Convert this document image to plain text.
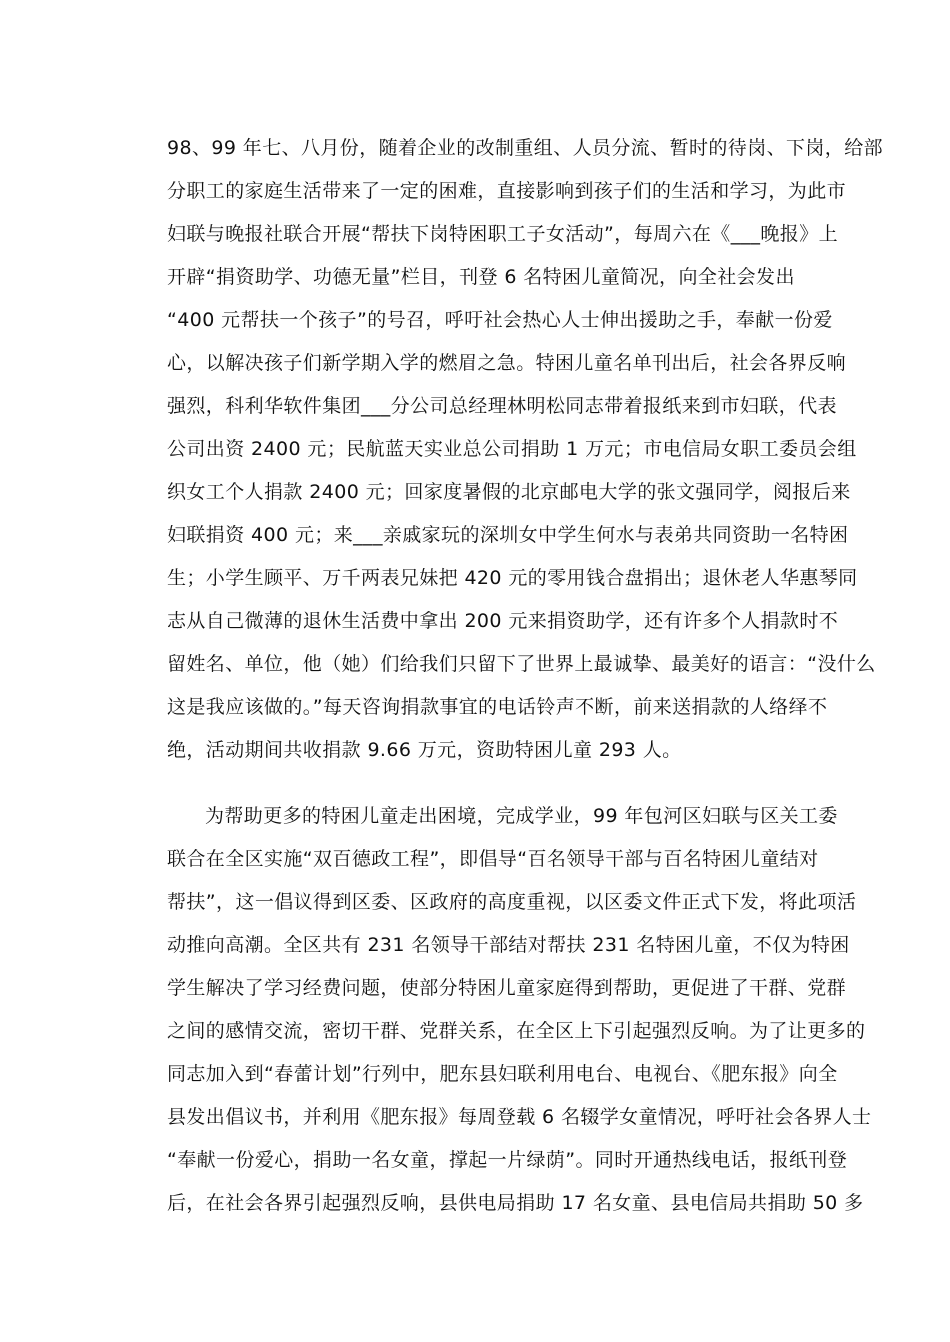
98、99 年七、八月份，随着企业的改制重组、人员分流、暂时的待岗、下岗，给部
分职工的家庭生活带来了一定的困难，直接影响到孩子们的生活和学习，为此市
妇联与晚报社联合开展“帮扶下岗特困职工子女活动”，每周六在《___晚报》上
开辟“捐资助学、功德无量”栏目，刊登 6 名特困儿童简况，向全社会发出
“400 元帮扶一个孩子”的号召，呼吁社会热心人士伸出援助之手，奉献一份爱
心，以解决孩子们新学期入学的燃眉之急。特困儿童名单刊出后，社会各界反响
强烈，科利华软件集团___分公司总经理林明松同志带着报纸来到市妇联，代表
公司出资 2400 元；民航蓝天实业总公司捐助 1 万元；市电信局女职工委员会组
织女工个人捐款 2400 元；回家度暑假的北京邮电大学的张文强同学，阅报后来
妇联捐资 400 元；来___亲戚家玩的深圳女中学生何水与表弟共同资助一名特困
生；小学生顾平、万千两表兄妹把 420 元的零用钱合盘捐出；退休老人华惠琴同
志从自己微薄的退休生活费中拿出 200 元来捐资助学，还有许多个人捐款时不
留姓名、单位，他（她）们给我们只留下了世界上最诚挚、最美好的语言：“没什么
这是我应该做的。”每天咨询捐款事宜的电话铃声不断，前来送捐款的人络绎不
绝，活动期间共收捐款 9.66 万元，资助特困儿童 293 人。
为帮助更多的特困儿童走出困境，完成学业，99 年包河区妇联与区关工委
联合在全区实施“双百德政工程”，即倡导“百名领导干部与百名特困儿童结对
帮扶”，这一倡议得到区委、区政府的高度重视，以区委文件正式下发，将此项活
动推向高潮。全区共有 231 名领导干部结对帮扶 231 名特困儿童，不仅为特困
学生解决了学习经费问题，使部分特困儿童家庭得到帮助，更促进了干群、党群
之间的感情交流，密切干群、党群关系，在全区上下引起强烈反响。为了让更多的
同志加入到“春蕾计划”行列中，肥东县妇联利用电台、电视台、《肥东报》向全
县发出倡议书，并利用《肥东报》每周登载 6 名辍学女童情况，呼吁社会各界人士
“奉献一份爱心，捐助一名女童，撑起一片绿荫”。同时开通热线电话，报纸刊登
后，在社会各界引起强烈反响，县供电局捐助 17 名女童、县电信局共捐助 50 多
